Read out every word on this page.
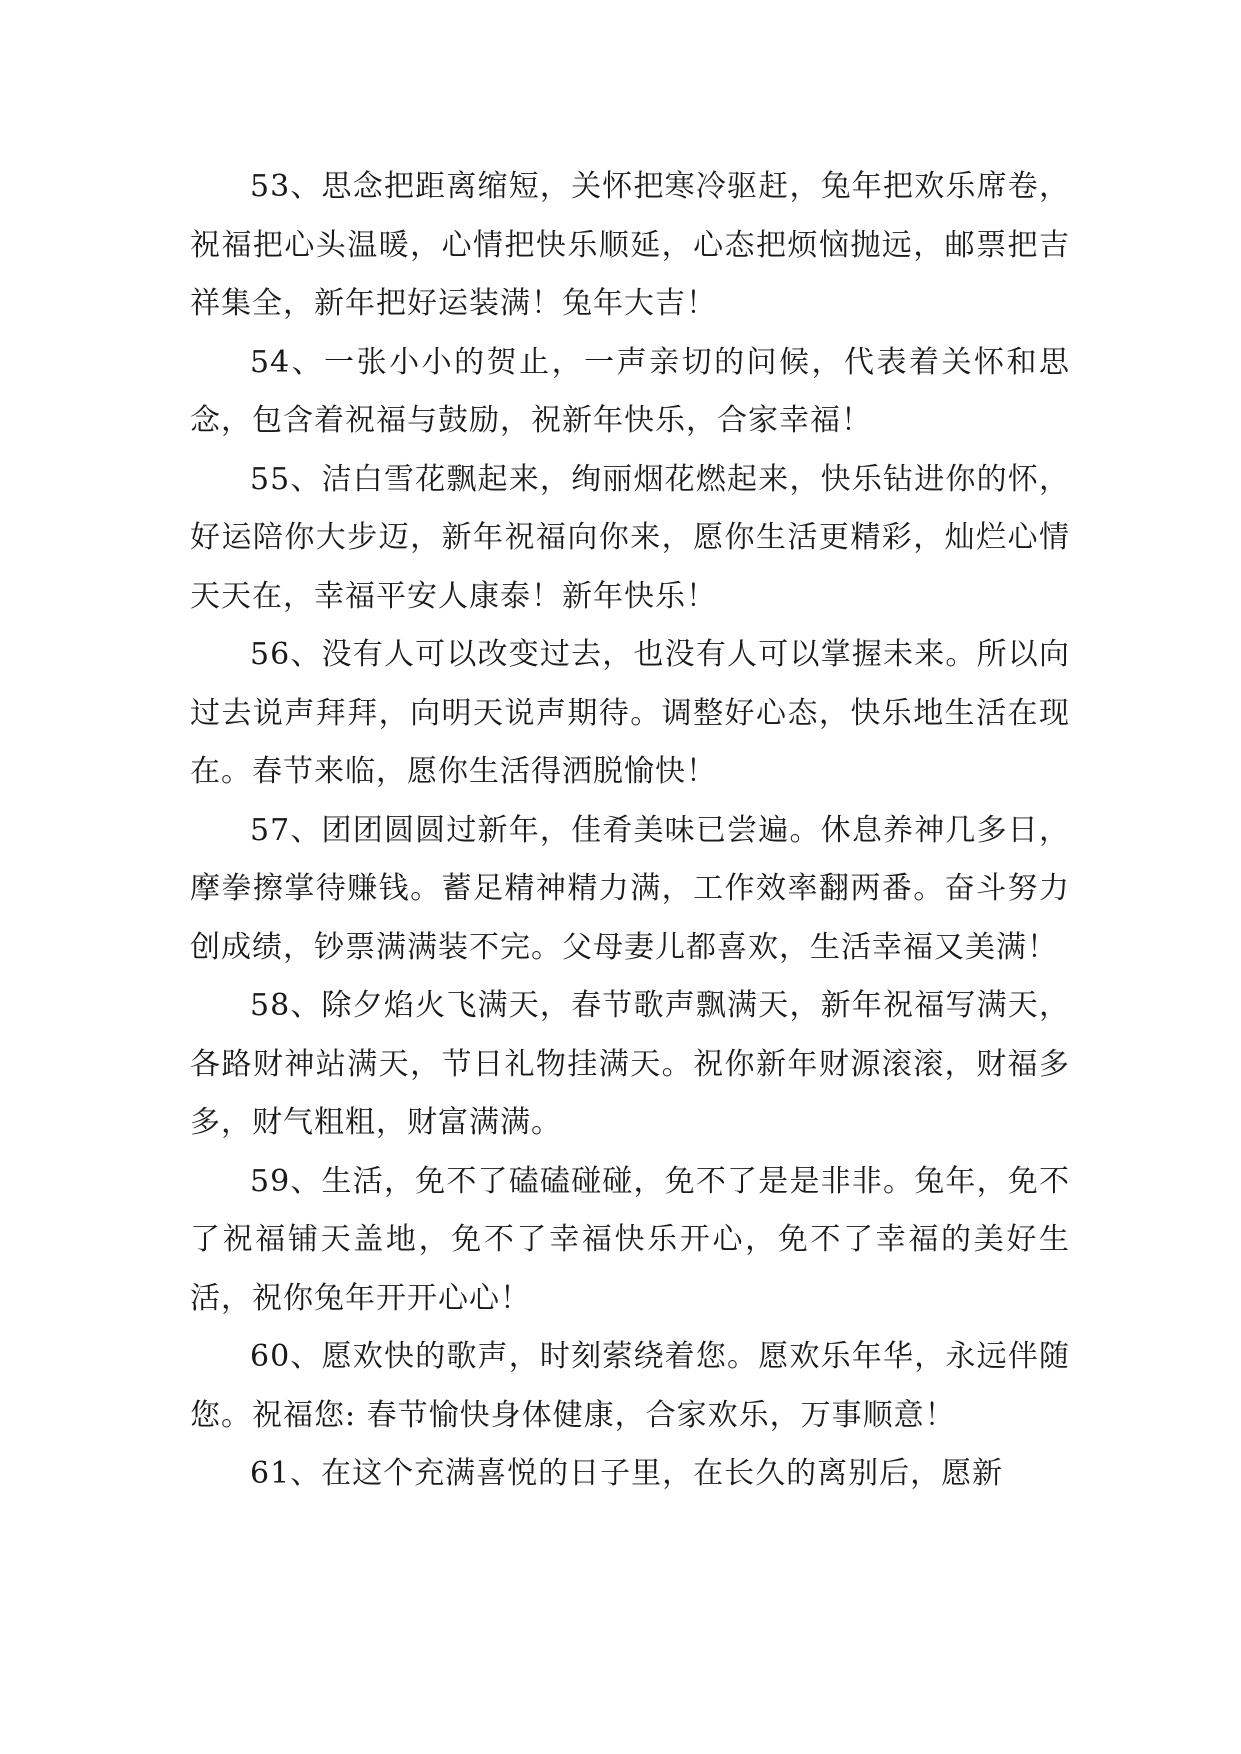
53、思念把距离缩短，关怀把寒冷驱赶，兔年把欢乐席卷，祝福把心头温暖，心情把快乐顺延，心态把烦恼抛远，邮票把吉祥集全，新年把好运装满！兔年大吉！

54、一张小小的贺止，一声亲切的问候，代表着关怀和思念，包含着祝福与鼓励，祝新年快乐，合家幸福！

55、洁白雪花飘起来，绚丽烟花燃起来，快乐钻进你的怀，好运陪你大步迈，新年祝福向你来，愿你生活更精彩，灿烂心情天天在，幸福平安人康泰！新年快乐！

56、没有人可以改变过去，也没有人可以掌握未来。所以向过去说声拜拜，向明天说声期待。调整好心态，快乐地生活在现在。春节来临，愿你生活得洒脱愉快！

57、团团圆圆过新年，佳肴美味已尝遍。休息养神几多日，摩拳擦掌待赚钱。蓄足精神精力满，工作效率翻两番。奋斗努力创成绩，钞票满满装不完。父母妻儿都喜欢，生活幸福又美满！

58、除夕焰火飞满天，春节歌声飘满天，新年祝福写满天，各路财神站满天，节日礼物挂满天。祝你新年财源滚滚，财福多多，财气粗粗，财富满满。

59、生活，免不了磕磕碰碰，免不了是是非非。兔年，免不了祝福铺天盖地，免不了幸福快乐开心，免不了幸福的美好生活，祝你兔年开开心心！

60、愿欢快的歌声，时刻萦绕着您。愿欢乐年华，永远伴随您。祝福您: 春节愉快身体健康，合家欢乐，万事顺意！

61、在这个充满喜悦的日子里，在长久的离别后，愿新
